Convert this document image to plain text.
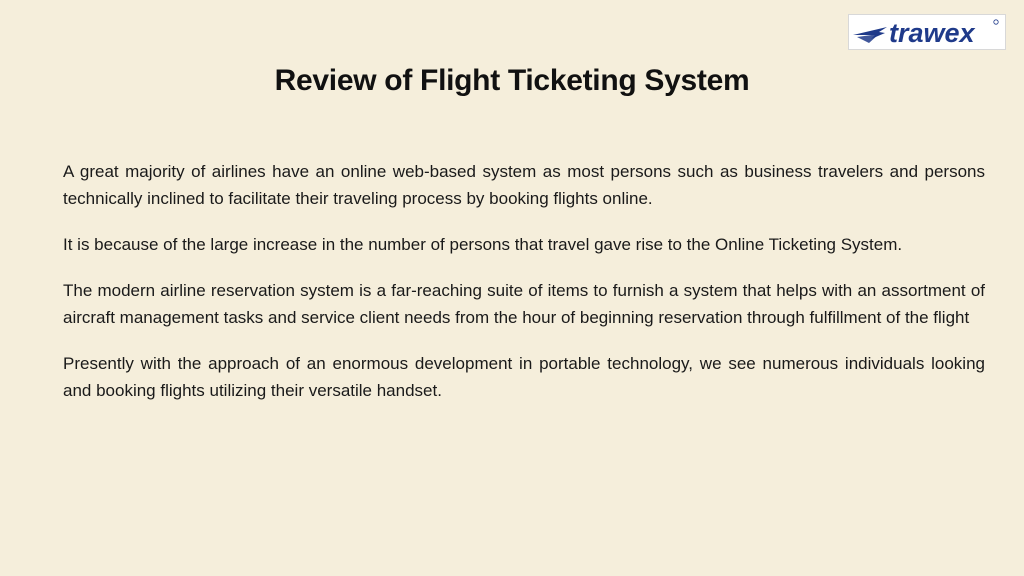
trawex
Review of Flight Ticketing System

A great majority of airlines have an online web-based system as most persons such as business travelers and persons technically inclined to facilitate their traveling process by booking flights online.

It is because of the large increase in the number of persons that travel gave rise to the Online Ticketing System.

The modern airline reservation system is a far-reaching suite of items to furnish a system that helps with an assortment of aircraft management tasks and service client needs from the hour of beginning reservation through fulfillment of the flight

Presently with the approach of an enormous development in portable technology, we see numerous individuals looking and booking flights utilizing their versatile handset.
